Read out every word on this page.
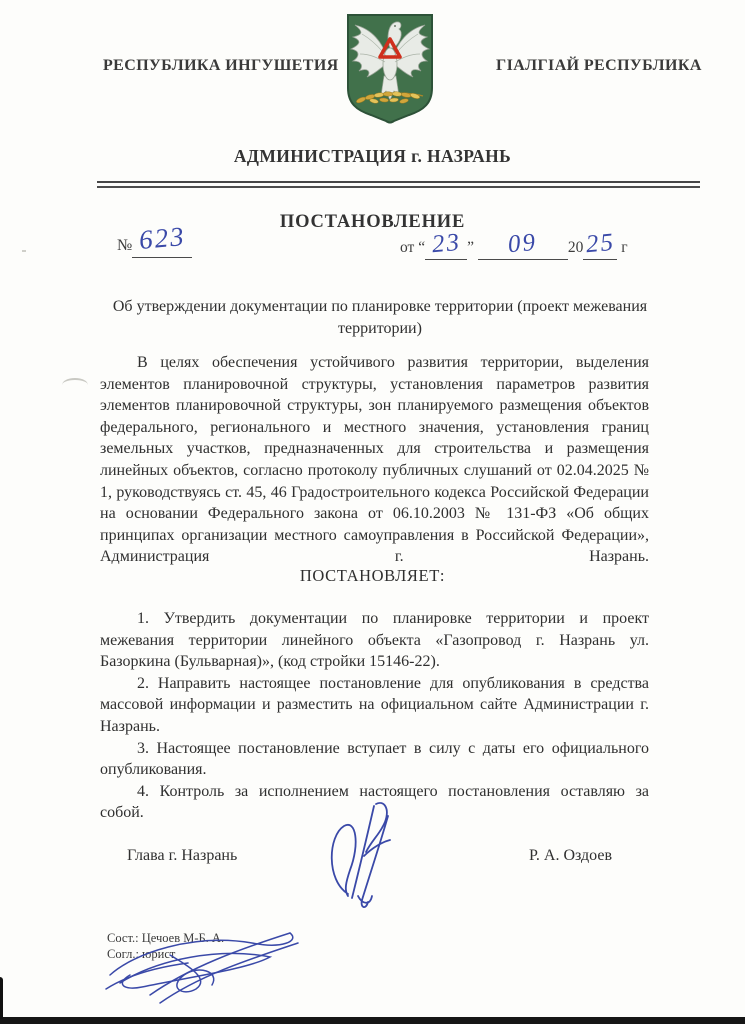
РЕСПУБЛИКА ИНГУШЕТИЯ	ГIАЛГIАЙ РЕСПУБЛИКА
АДМИНИСТРАЦИЯ г. НАЗРАНЬ
ПОСТАНОВЛЕНИЕ
№ 623	от “ 23 ” 09 2025 г
Об утверждении документации по планировке территории (проект межевания территории)
В целях обеспечения устойчивого развития территории, выделения элементов планировочной структуры, установления параметров развития элементов планировочной структуры, зон планируемого размещения объектов федерального, регионального и местного значения, установления границ земельных участков, предназначенных для строительства и размещения линейных объектов, согласно протоколу публичных слушаний от 02.04.2025 № 1, руководствуясь ст. 45, 46 Градостроительного кодекса Российской Федерации на основании Федерального закона от 06.10.2003 № 131-ФЗ «Об общих принципах организации местного самоуправления в Российской Федерации», Администрация г. Назрань.
ПОСТАНОВЛЯЕТ:

1. Утвердить документации по планировке территории и проект межевания территории линейного объекта «Газопровод г. Назрань ул. Базоркина (Бульварная)», (код стройки 15146-22).

2. Направить настоящее постановление для опубликования в средства массовой информации и разместить на официальном сайте Администрации г. Назрань.

3. Настоящее постановление вступает в силу с даты его официального опубликования.

4. Контроль за исполнением настоящего постановления оставляю за собой.

Глава г. Назрань	Р. А. Оздоев
Сост.: Цечоев М-Б. А.
Согл.: юрист
